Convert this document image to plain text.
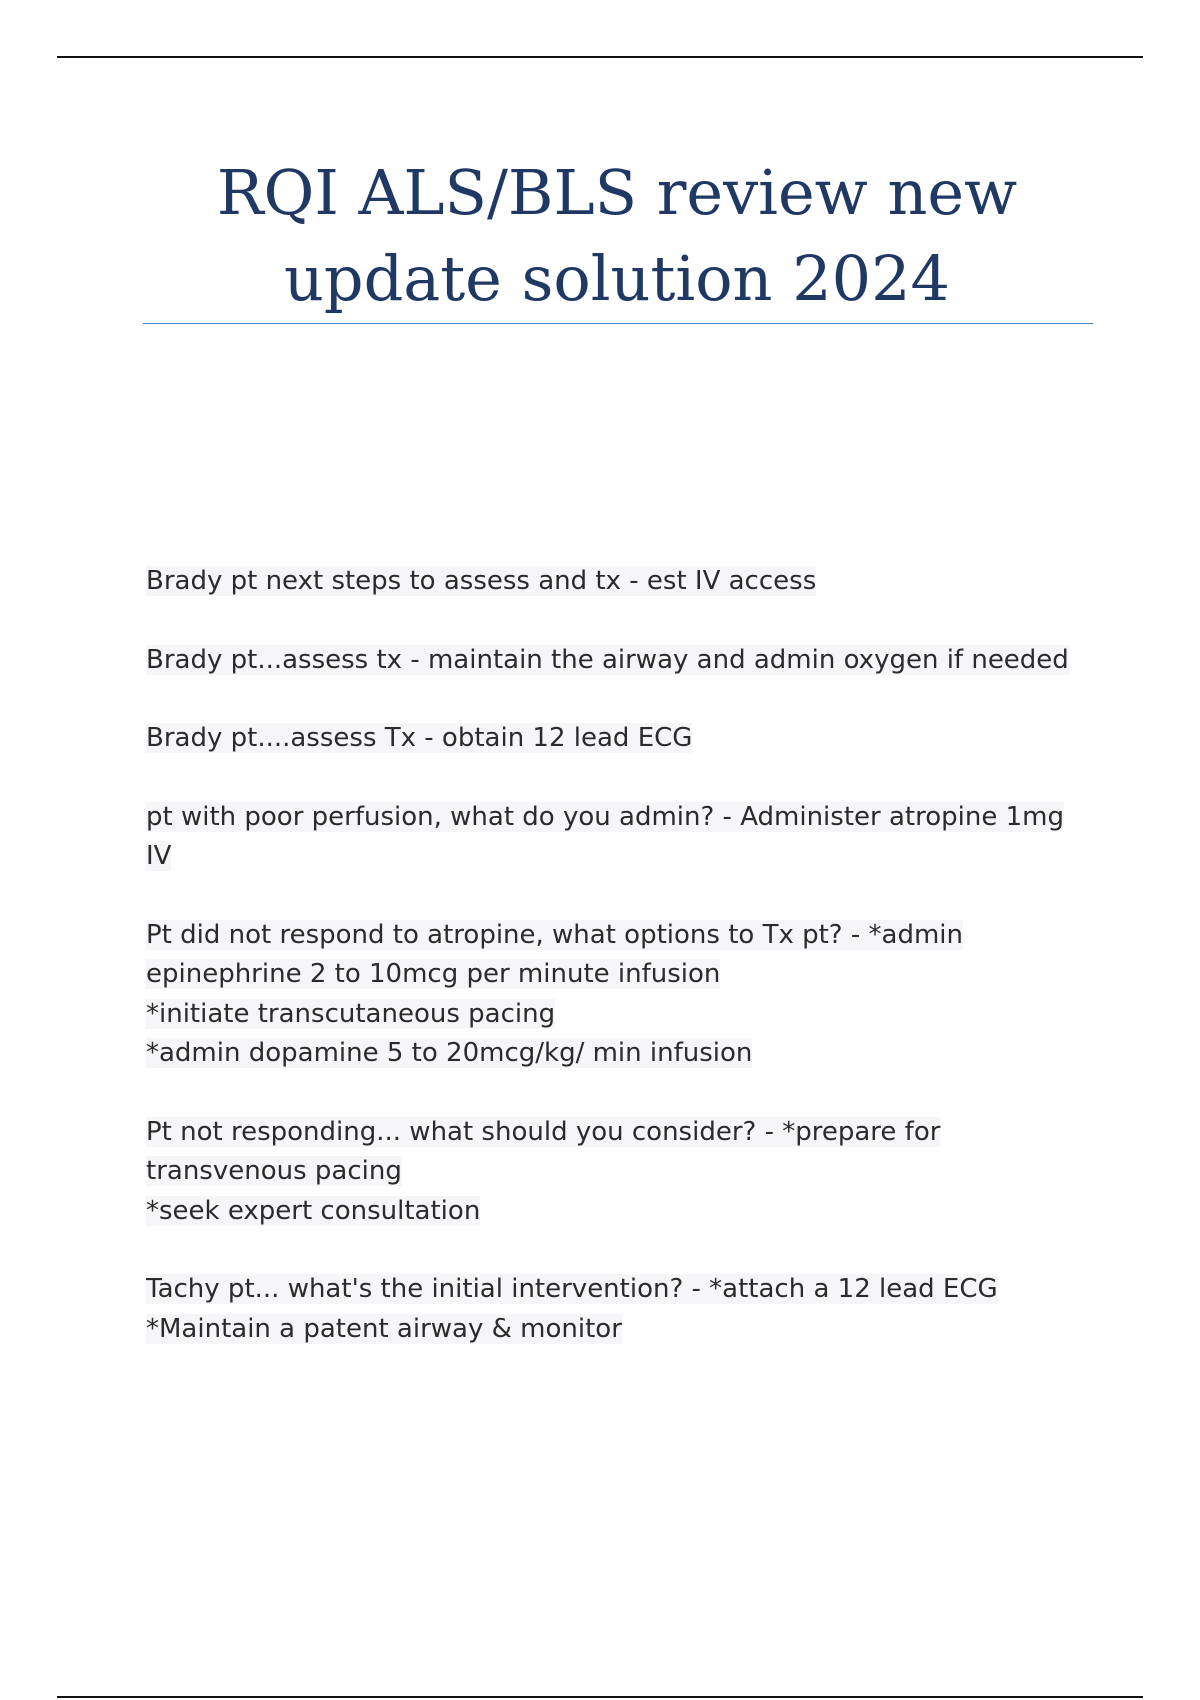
RQI ALS/BLS review new
update solution 2024
Brady pt next steps to assess and tx - est IV access
Brady pt...assess tx - maintain the airway and admin oxygen if needed
Brady pt....assess Tx - obtain 12 lead ECG
pt with poor perfusion, what do you admin? - Administer atropine 1mg
IV
Pt did not respond to atropine, what options to Tx pt? - *admin
epinephrine 2 to 10mcg per minute infusion
*initiate transcutaneous pacing
*admin dopamine 5 to 20mcg/kg/ min infusion
Pt not responding... what should you consider? - *prepare for
transvenous pacing
*seek expert consultation
Tachy pt... what's the initial intervention? - *attach a 12 lead ECG
*Maintain a patent airway & monitor
